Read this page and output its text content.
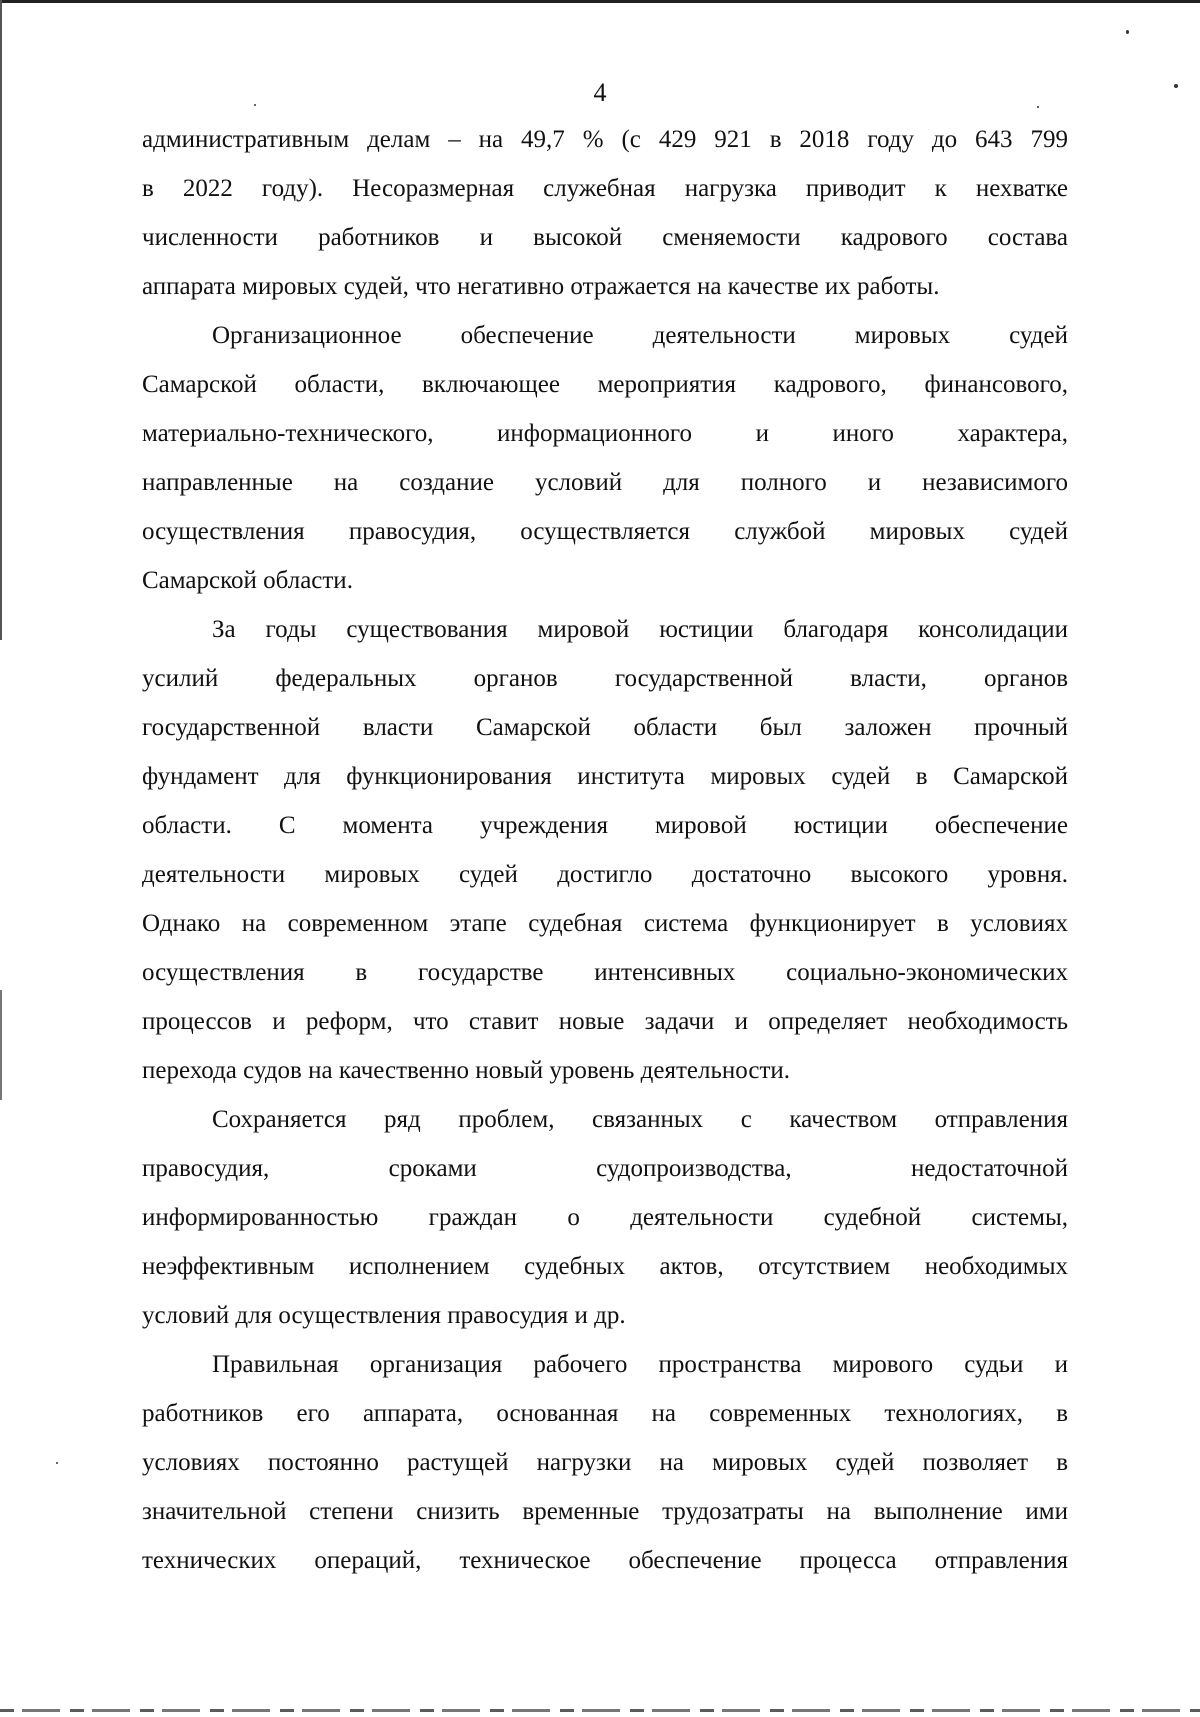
4
административным делам – на 49,7 % (с 429 921 в 2018 году до 643 799
в 2022 году). Несоразмерная служебная нагрузка приводит к нехватке
численности работников и высокой сменяемости кадрового состава
аппарата мировых судей, что негативно отражается на качестве их работы.
Организационное обеспечение деятельности мировых судей
Самарской области, включающее мероприятия кадрового, финансового,
материально-технического, информационного и иного характера,
направленные на создание условий для полного и независимого
осуществления правосудия, осуществляется службой мировых судей
Самарской области.
За годы существования мировой юстиции благодаря консолидации
усилий федеральных органов государственной власти, органов
государственной власти Самарской области был заложен прочный
фундамент для функционирования института мировых судей в Самарской
области. С момента учреждения мировой юстиции обеспечение
деятельности мировых судей достигло достаточно высокого уровня.
Однако на современном этапе судебная система функционирует в условиях
осуществления в государстве интенсивных социально-экономических
процессов и реформ, что ставит новые задачи и определяет необходимость
перехода судов на качественно новый уровень деятельности.
Сохраняется ряд проблем, связанных с качеством отправления
правосудия, сроками судопроизводства, недостаточной
информированностью граждан о деятельности судебной системы,
неэффективным исполнением судебных актов, отсутствием необходимых
условий для осуществления правосудия и др.
Правильная организация рабочего пространства мирового судьи и
работников его аппарата, основанная на современных технологиях, в
условиях постоянно растущей нагрузки на мировых судей позволяет в
значительной степени снизить временные трудозатраты на выполнение ими
технических операций, техническое обеспечение процесса отправления
